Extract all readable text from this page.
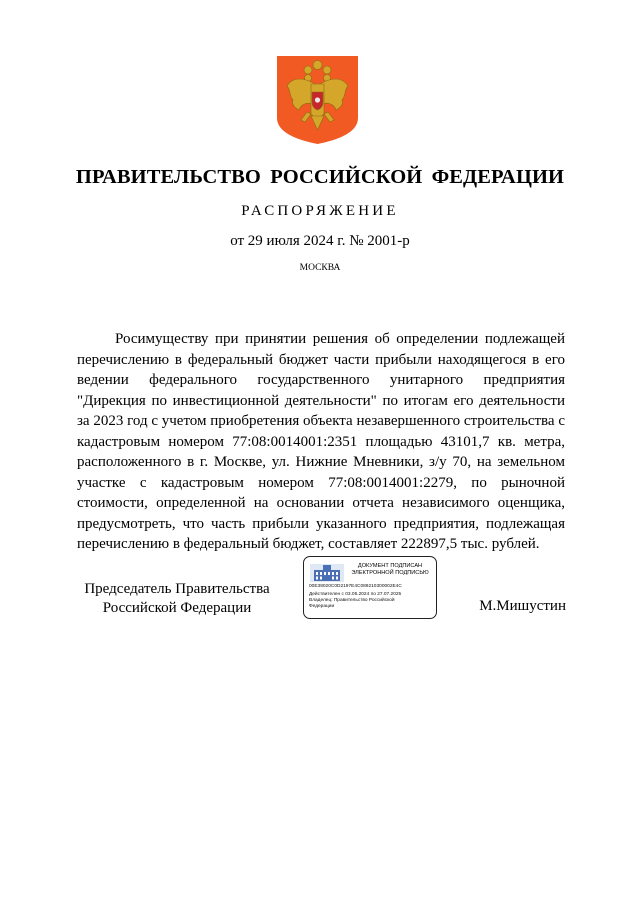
ПРАВИТЕЛЬСТВО РОССИЙСКОЙ ФЕДЕРАЦИИ
РАСПОРЯЖЕНИЕ
от 29 июля 2024 г. № 2001-р
МОСКВА
Росимуществу при принятии решения об определении подлежащей перечислению в федеральный бюджет части прибыли находящегося в его ведении федерального государственного унитарного предприятия "Дирекция по инвестиционной деятельности" по итогам его деятельности за 2023 год с учетом приобретения объекта незавершенного строительства с кадастровым номером 77:08:0014001:2351 площадью 43101,7 кв. метра, расположенного в г. Москве, ул. Нижние Мневники, з/у 70, на земельном участке с кадастровым номером 77:08:0014001:2279, по рыночной стоимости, определенной на основании отчета независимого оценщика, предусмотреть, что часть прибыли указанного предприятия, подлежащая перечислению в федеральный бюджет, составляет 222897,5 тыс. рублей.
Председатель Правительства
Российской Федерации
ДОКУМЕНТ ПОДПИСАН ЭЛЕКТРОННОЙ ПОДПИСЬЮ
00E38020C0D2197E4C089210300002E4C
Действителен с 03.05.2024 по 27.07.2025
Владелец: Правительство Российской
Федерации	М.Мишустин
